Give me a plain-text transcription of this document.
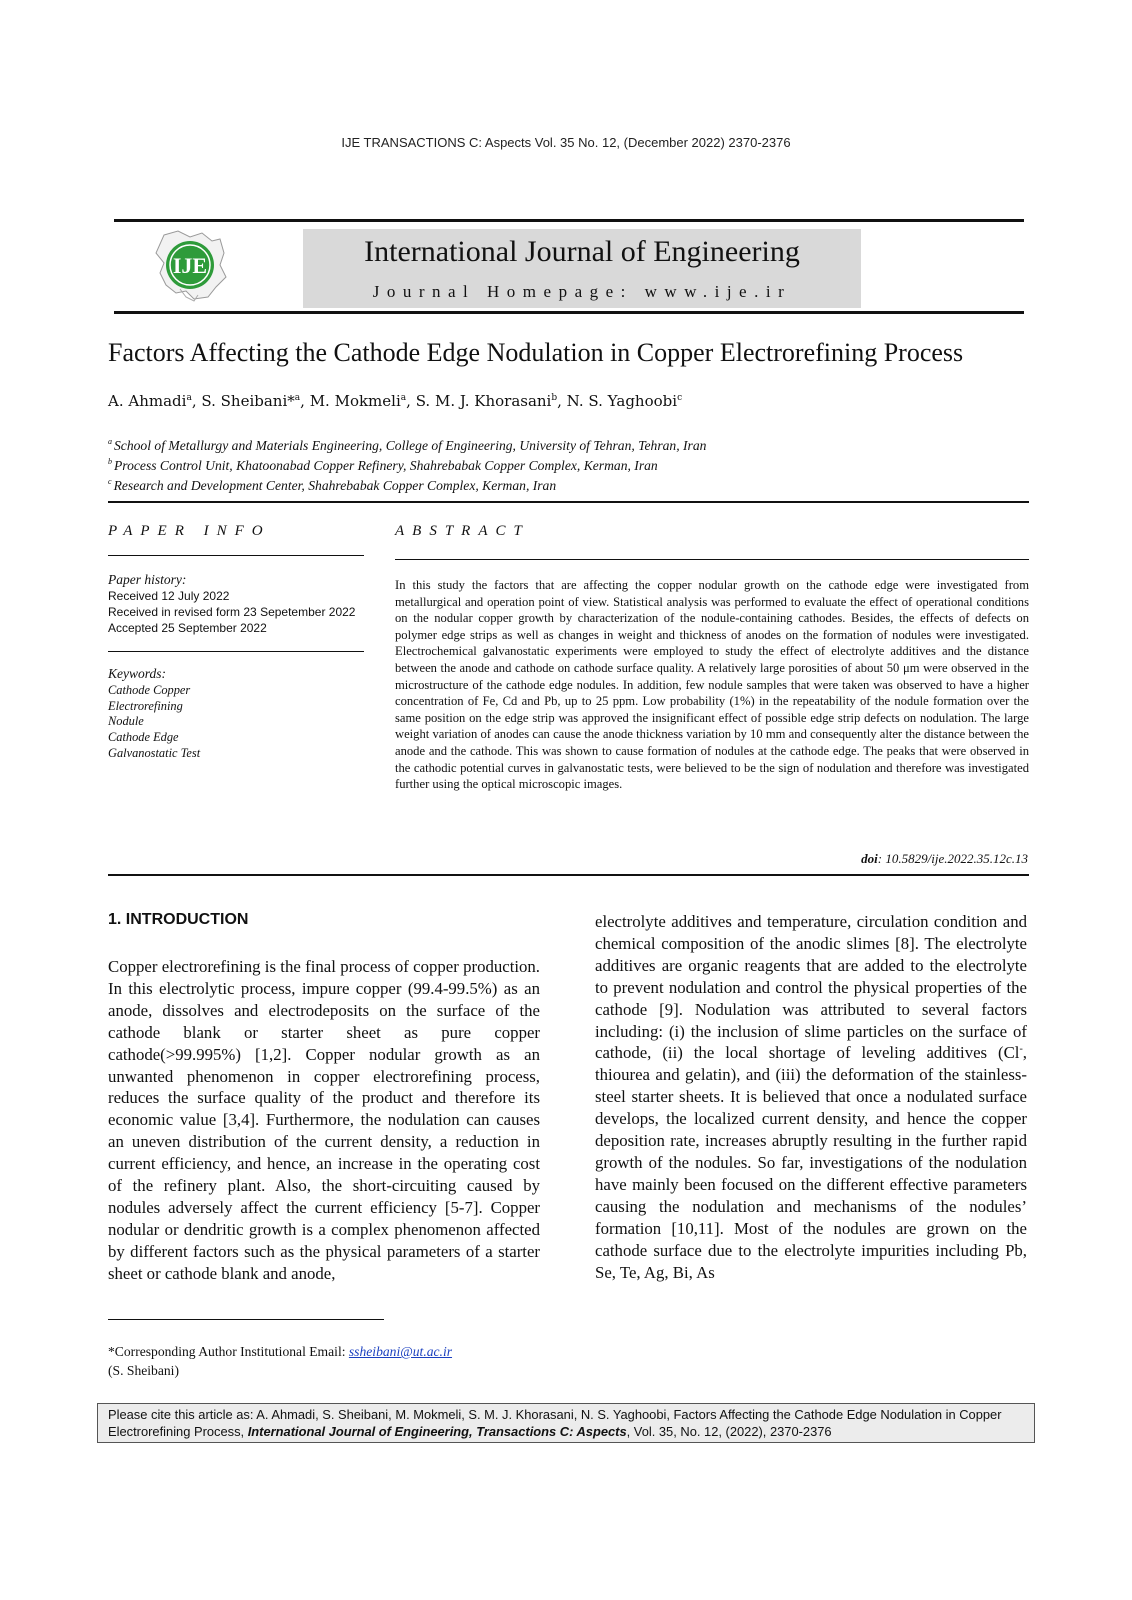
IJE TRANSACTIONS C: Aspects Vol. 35 No. 12, (December 2022) 2370-2376
IJE	International Journal of Engineering
Journal Homepage: www.ije.ir
Factors Affecting the Cathode Edge Nodulation in Copper Electrorefining Process
A. Ahmadi$^a$, S. Sheibani*$^a$, M. Mokmeli$^a$, S. M. J. Khorasani$^b$, N. S. Yaghoobi$^c$
$^a$ School of Metallurgy and Materials Engineering, College of Engineering, University of Tehran, Tehran, Iran
$^b$ Process Control Unit, Khatoonabad Copper Refinery, Shahrebabak Copper Complex, Kerman, Iran
$^c$ Research and Development Center, Shahrebabak Copper Complex, Kerman, Iran
PAPER INFO	ABSTRACT
Paper history:
Received 12 July 2022
Received in revised form 23 Sepetember 2022
Accepted 25 September 2022
Keywords:
Cathode Copper
Electrorefining
Nodule
Cathode Edge
Galvanostatic Test
In this study the factors that are affecting the copper nodular growth on the cathode edge were investigated from metallurgical and operation point of view. Statistical analysis was performed to evaluate the effect of operational conditions on the nodular copper growth by characterization of the nodule-containing cathodes. Besides, the effects of defects on polymer edge strips as well as changes in weight and thickness of anodes on the formation of nodules were investigated. Electrochemical galvanostatic experiments were employed to study the effect of electrolyte additives and the distance between the anode and cathode on cathode surface quality. A relatively large porosities of about 50 μm were observed in the microstructure of the cathode edge nodules. In addition, few nodule samples that were taken was observed to have a higher concentration of Fe, Cd and Pb, up to 25 ppm. Low probability (1%) in the repeatability of the nodule formation over the same position on the edge strip was approved the insignificant effect of possible edge strip defects on nodulation. The large weight variation of anodes can cause the anode thickness variation by 10 mm and consequently alter the distance between the anode and the cathode. This was shown to cause formation of nodules at the cathode edge. The peaks that were observed in the cathodic potential curves in galvanostatic tests, were believed to be the sign of nodulation and therefore was investigated further using the optical microscopic images.
doi: 10.5829/ije.2022.35.12c.13
1. INTRODUCTION
Copper electrorefining is the final process of copper production. In this electrolytic process, impure copper (99.4-99.5%) as an anode, dissolves and electrodeposits on the surface of the cathode blank or starter sheet as pure copper cathode(>99.995%) [1,2]. Copper nodular growth as an unwanted phenomenon in copper electrorefining process, reduces the surface quality of the product and therefore its economic value [3,4]. Furthermore, the nodulation can causes an uneven distribution of the current density, a reduction in current efficiency, and hence, an increase in the operating cost of the refinery plant. Also, the short-circuiting caused by nodules adversely affect the current efficiency [5-7]. Copper nodular or dendritic growth is a complex phenomenon affected by different factors such as the physical parameters of a starter sheet or cathode blank and anode,
electrolyte additives and temperature, circulation condition and chemical composition of the anodic slimes [8]. The electrolyte additives are organic reagents that are added to the electrolyte to prevent nodulation and control the physical properties of the cathode [9]. Nodulation was attributed to several factors including: (i) the inclusion of slime particles on the surface of cathode, (ii) the local shortage of leveling additives (Cl-, thiourea and gelatin), and (iii) the deformation of the stainless-steel starter sheets. It is believed that once a nodulated surface develops, the localized current density, and hence the copper deposition rate, increases abruptly resulting in the further rapid growth of the nodules. So far, investigations of the nodulation have mainly been focused on the different effective parameters causing the nodulation and mechanisms of the nodules’ formation [10,11]. Most of the nodules are grown on the cathode surface due to the electrolyte impurities including Pb, Se, Te, Ag, Bi, As
*Corresponding Author Institutional Email: ssheibani@ut.ac.ir
(S. Sheibani)
Please cite this article as: A. Ahmadi, S. Sheibani, M. Mokmeli, S. M. J. Khorasani, N. S. Yaghoobi, Factors Affecting the Cathode Edge Nodulation in Copper Electrorefining Process, International Journal of Engineering, Transactions C: Aspects, Vol. 35, No. 12, (2022), 2370-2376
